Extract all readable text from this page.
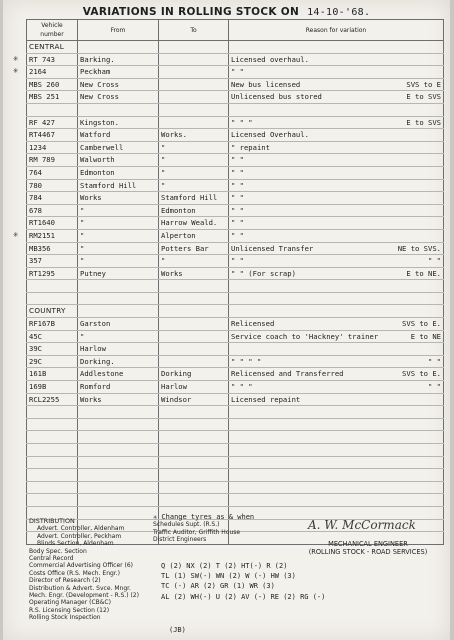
VARIATIONS IN ROLLING STOCK ON 14-10-'68.
Vehicle
number	From	To	Reason for variation
CENTRAL			
RT 743	Barking.		Licensed overhaul.

2164	Peckham		" "

MBS 260	New Cross		New bus licensed SVS to E

MBS 251	New Cross		Unlicensed bus stored E to SVS

RF 427	Kingston.		" " " E to SVS

RT4467	Watford	Works.	Licensed Overhaul.

1234	Camberwell	"	" repaint

RM 789	Walworth	"	" "

764	Edmonton	"	" "

780	Stamford Hill	"	" "

784	Works	Stamford Hill	" "

678	"	Edmonton	" "

RT1640	"	Harrow Weald.	" "

RM2151	"	Alperton	" "

MB356	"	Potters Bar	Unlicensed Transfer NE to SVS.

357	"	"	" " " "

RT1295	Putney	Works	" " (For scrap) E to NE.

COUNTRY			
RF167B	Garston		Relicensed SVS to E.

45C	"		Service coach to 'Hackney' trainer E to NE

39C	Harlow		

29C	Dorking.		" " " " " "

161B	Addlestone	Dorking	Relicensed and Transferred SVS to E.

169B	Romford	Harlow	" " " " "

RCL2255	Works	Windsor	Licensed repaint

✳
✳
✳
DISTRIBUTION
Advert. Controller, Aldenham
Advert. Controller, Peckham
Blinds Section, Aldenham
Body Spec. Section
Central Record
Commercial Advertising Officer (6)
Costs Office (R.S. Mech. Engr.)
Director of Research (2)
Distribution & Advert. Svce. Mngr.
Mech. Engr. (Development - R.S.) (2)
Operating Manager (CB&C)
R.S. Licensing Section (12)
Rolling Stock Inspection
✳ Change tyres as & when
Schedules Supt. (R.S.)
Traffic Auditor, Griffith House
District Engineers
Q (2) NX (2) T (2) HT(-) R (2)
TL (1) SW(-) WN (2) W (-) HW (3)
TC (-) AR (2) GR (1) WR (3)
AL (2) WH(-) U (2) AV (-) RE (2) RG (-)
A. W. McCormack
MECHANICAL ENGINEER
(ROLLING STOCK - ROAD SERVICES)
(JB)
